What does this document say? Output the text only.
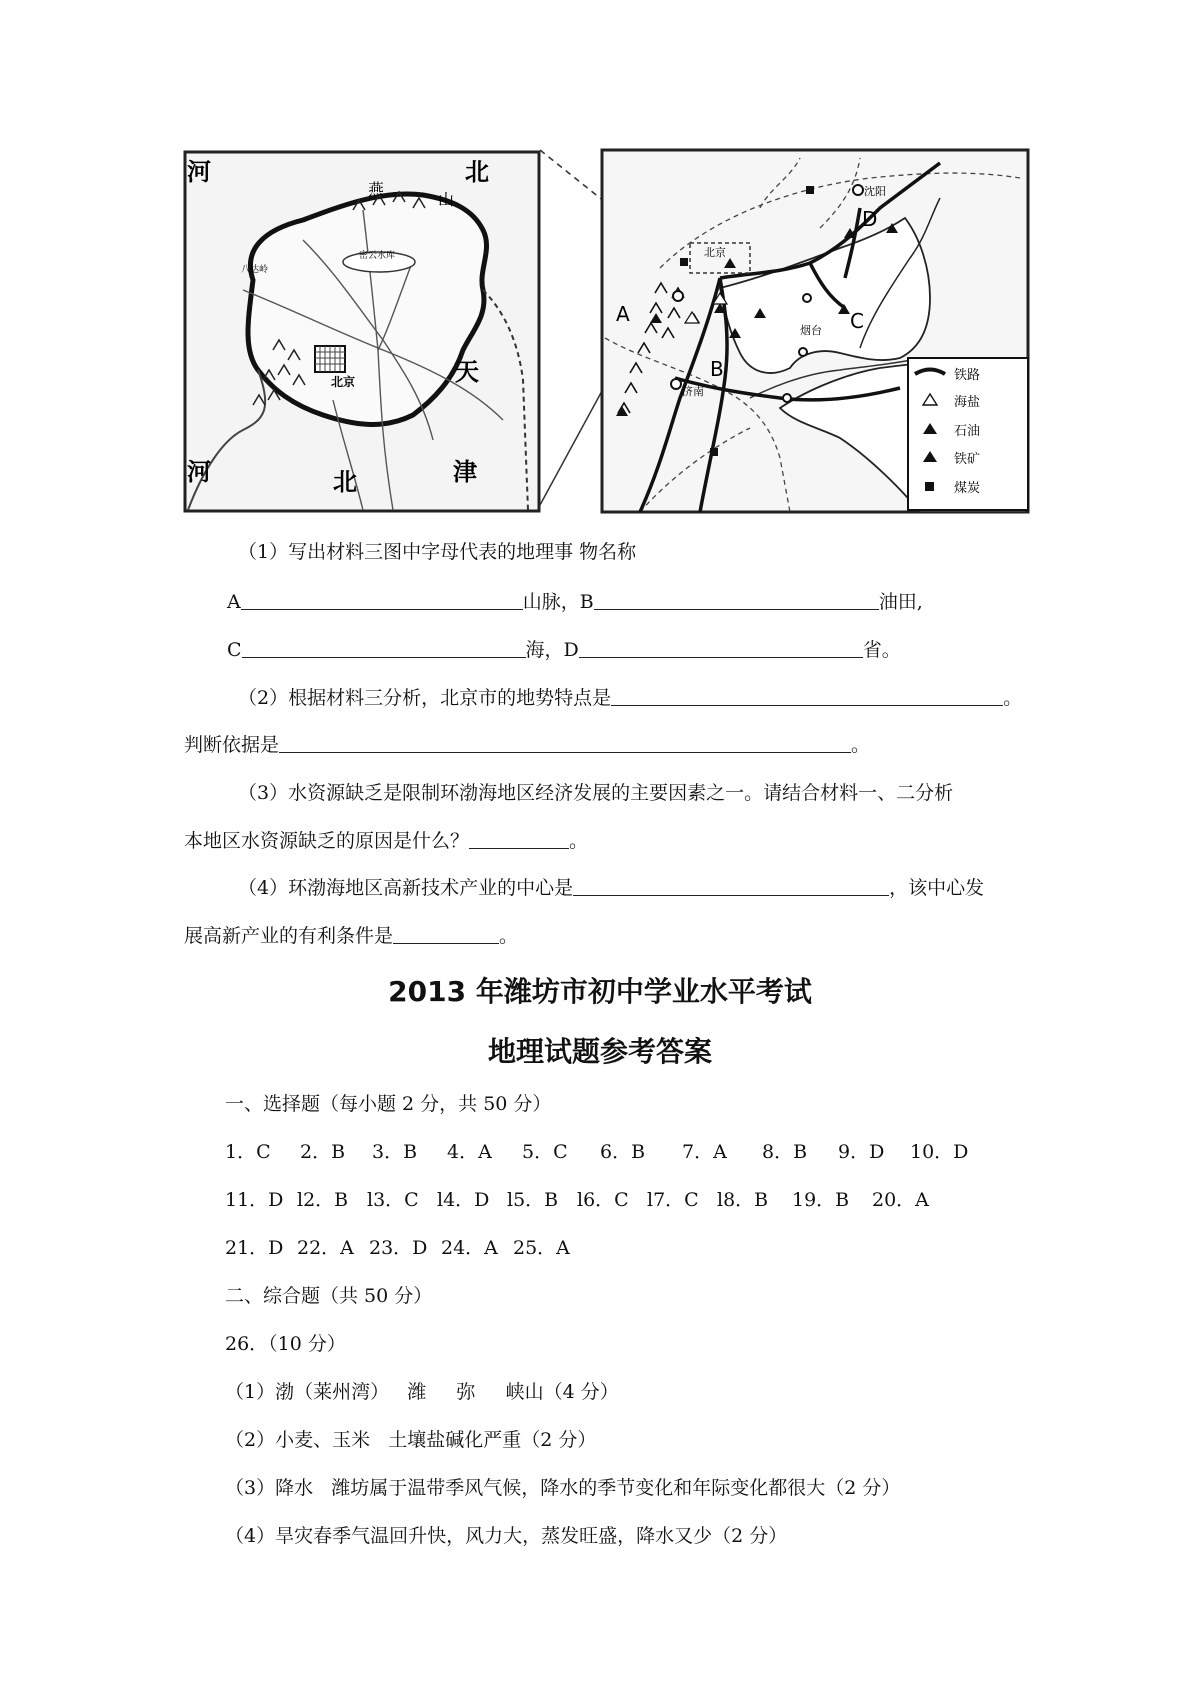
河	北
燕
山
密云水库
八达岭
北京	天
津
河	北
沈阳
北京
烟台
济南
A
B
C
D
铁路
海盐
石油
铁矿
煤炭
（1）写出材料三图中字母代表的地理事 物名称
A	山脉，B	油田,
C	海，D	省。
（2）根据材料三分析，北京市的地势特点是	。
判断依据是	。
（3）水资源缺乏是限制环渤海地区经济发展的主要因素之一。请结合材料一、二分析
本地区水资源缺乏的原因是什么？	。
（4）环渤海地区高新技术产业的中心是	，该中心发
展高新产业的有利条件是	。
2013 年潍坊市初中学业水平考试
地理试题参考答案
一、选择题（每小题 2 分，共 50 分）
1．C 2．B 3．B 4．A 5．C 6．B 7．A 8．B 9．D 10．D
11．D l2．B l3．C l4．D l5．B l6．C l7．C l8．B 19．B 20．A
21．D 22．A 23．D 24．A 25．A
二、综合题（共 50 分）
26．（10 分）
（1）渤（莱州湾）   潍     弥     峡山（4 分）
（2）小麦、玉米   土壤盐碱化严重（2 分）
（3）降水   潍坊属于温带季风气候，降水的季节变化和年际变化都很大（2 分）
（4）旱灾春季气温回升快，风力大，蒸发旺盛，降水又少（2 分）
